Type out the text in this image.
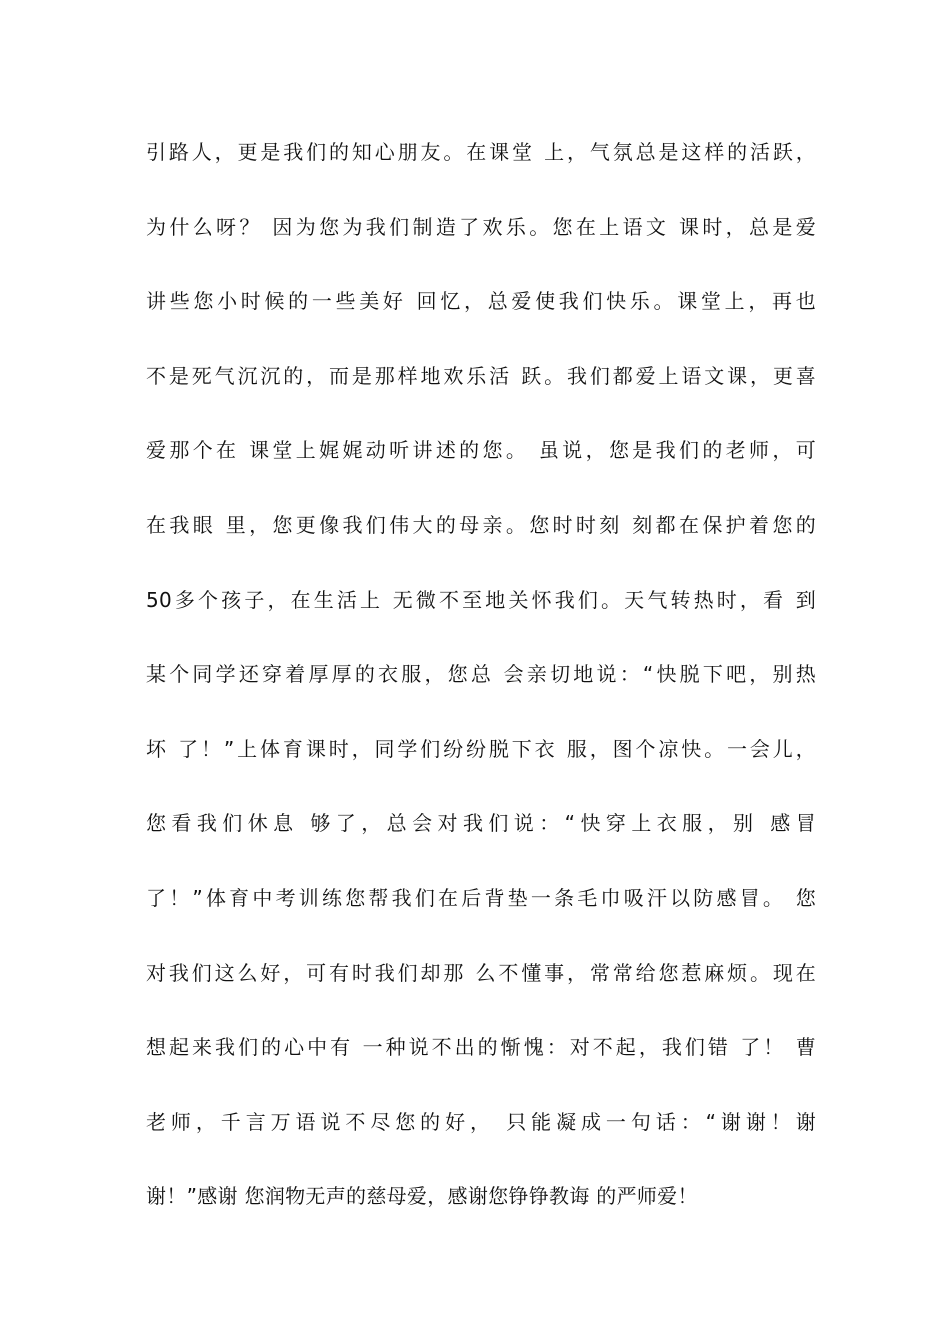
引路人，更是我们的知心朋友。在课堂 上，气氛总是这样的活跃，
为什么呀？ 因为您为我们制造了欢乐。您在上语文 课时，总是爱
讲些您小时候的一些美好 回忆，总爱使我们快乐。课堂上，再也
不是死气沉沉的，而是那样地欢乐活 跃。我们都爱上语文课，更喜
爱那个在 课堂上娓娓动听讲述的您。 虽说，您是我们的老师，可
在我眼 里，您更像我们伟大的母亲。您时时刻 刻都在保护着您的
50多个孩子，在生活上 无微不至地关怀我们。天气转热时，看 到
某个同学还穿着厚厚的衣服，您总 会亲切地说：“快脱下吧，别热
坏 了！”上体育课时，同学们纷纷脱下衣 服，图个凉快。一会儿，
您看我们休息 够了，总会对我们说：“快穿上衣服，别 感冒
了！”体育中考训练您帮我们在后背垫一条毛巾吸汗以防感冒。 您
对我们这么好，可有时我们却那 么不懂事，常常给您惹麻烦。现在
想起来我们的心中有 一种说不出的惭愧：对不起，我们错 了！ 曹
老师，千言万语说不尽您的好， 只能凝成一句话：“谢谢！谢
谢！”感谢 您润物无声的慈母爱，感谢您铮铮教诲 的严师爱！
